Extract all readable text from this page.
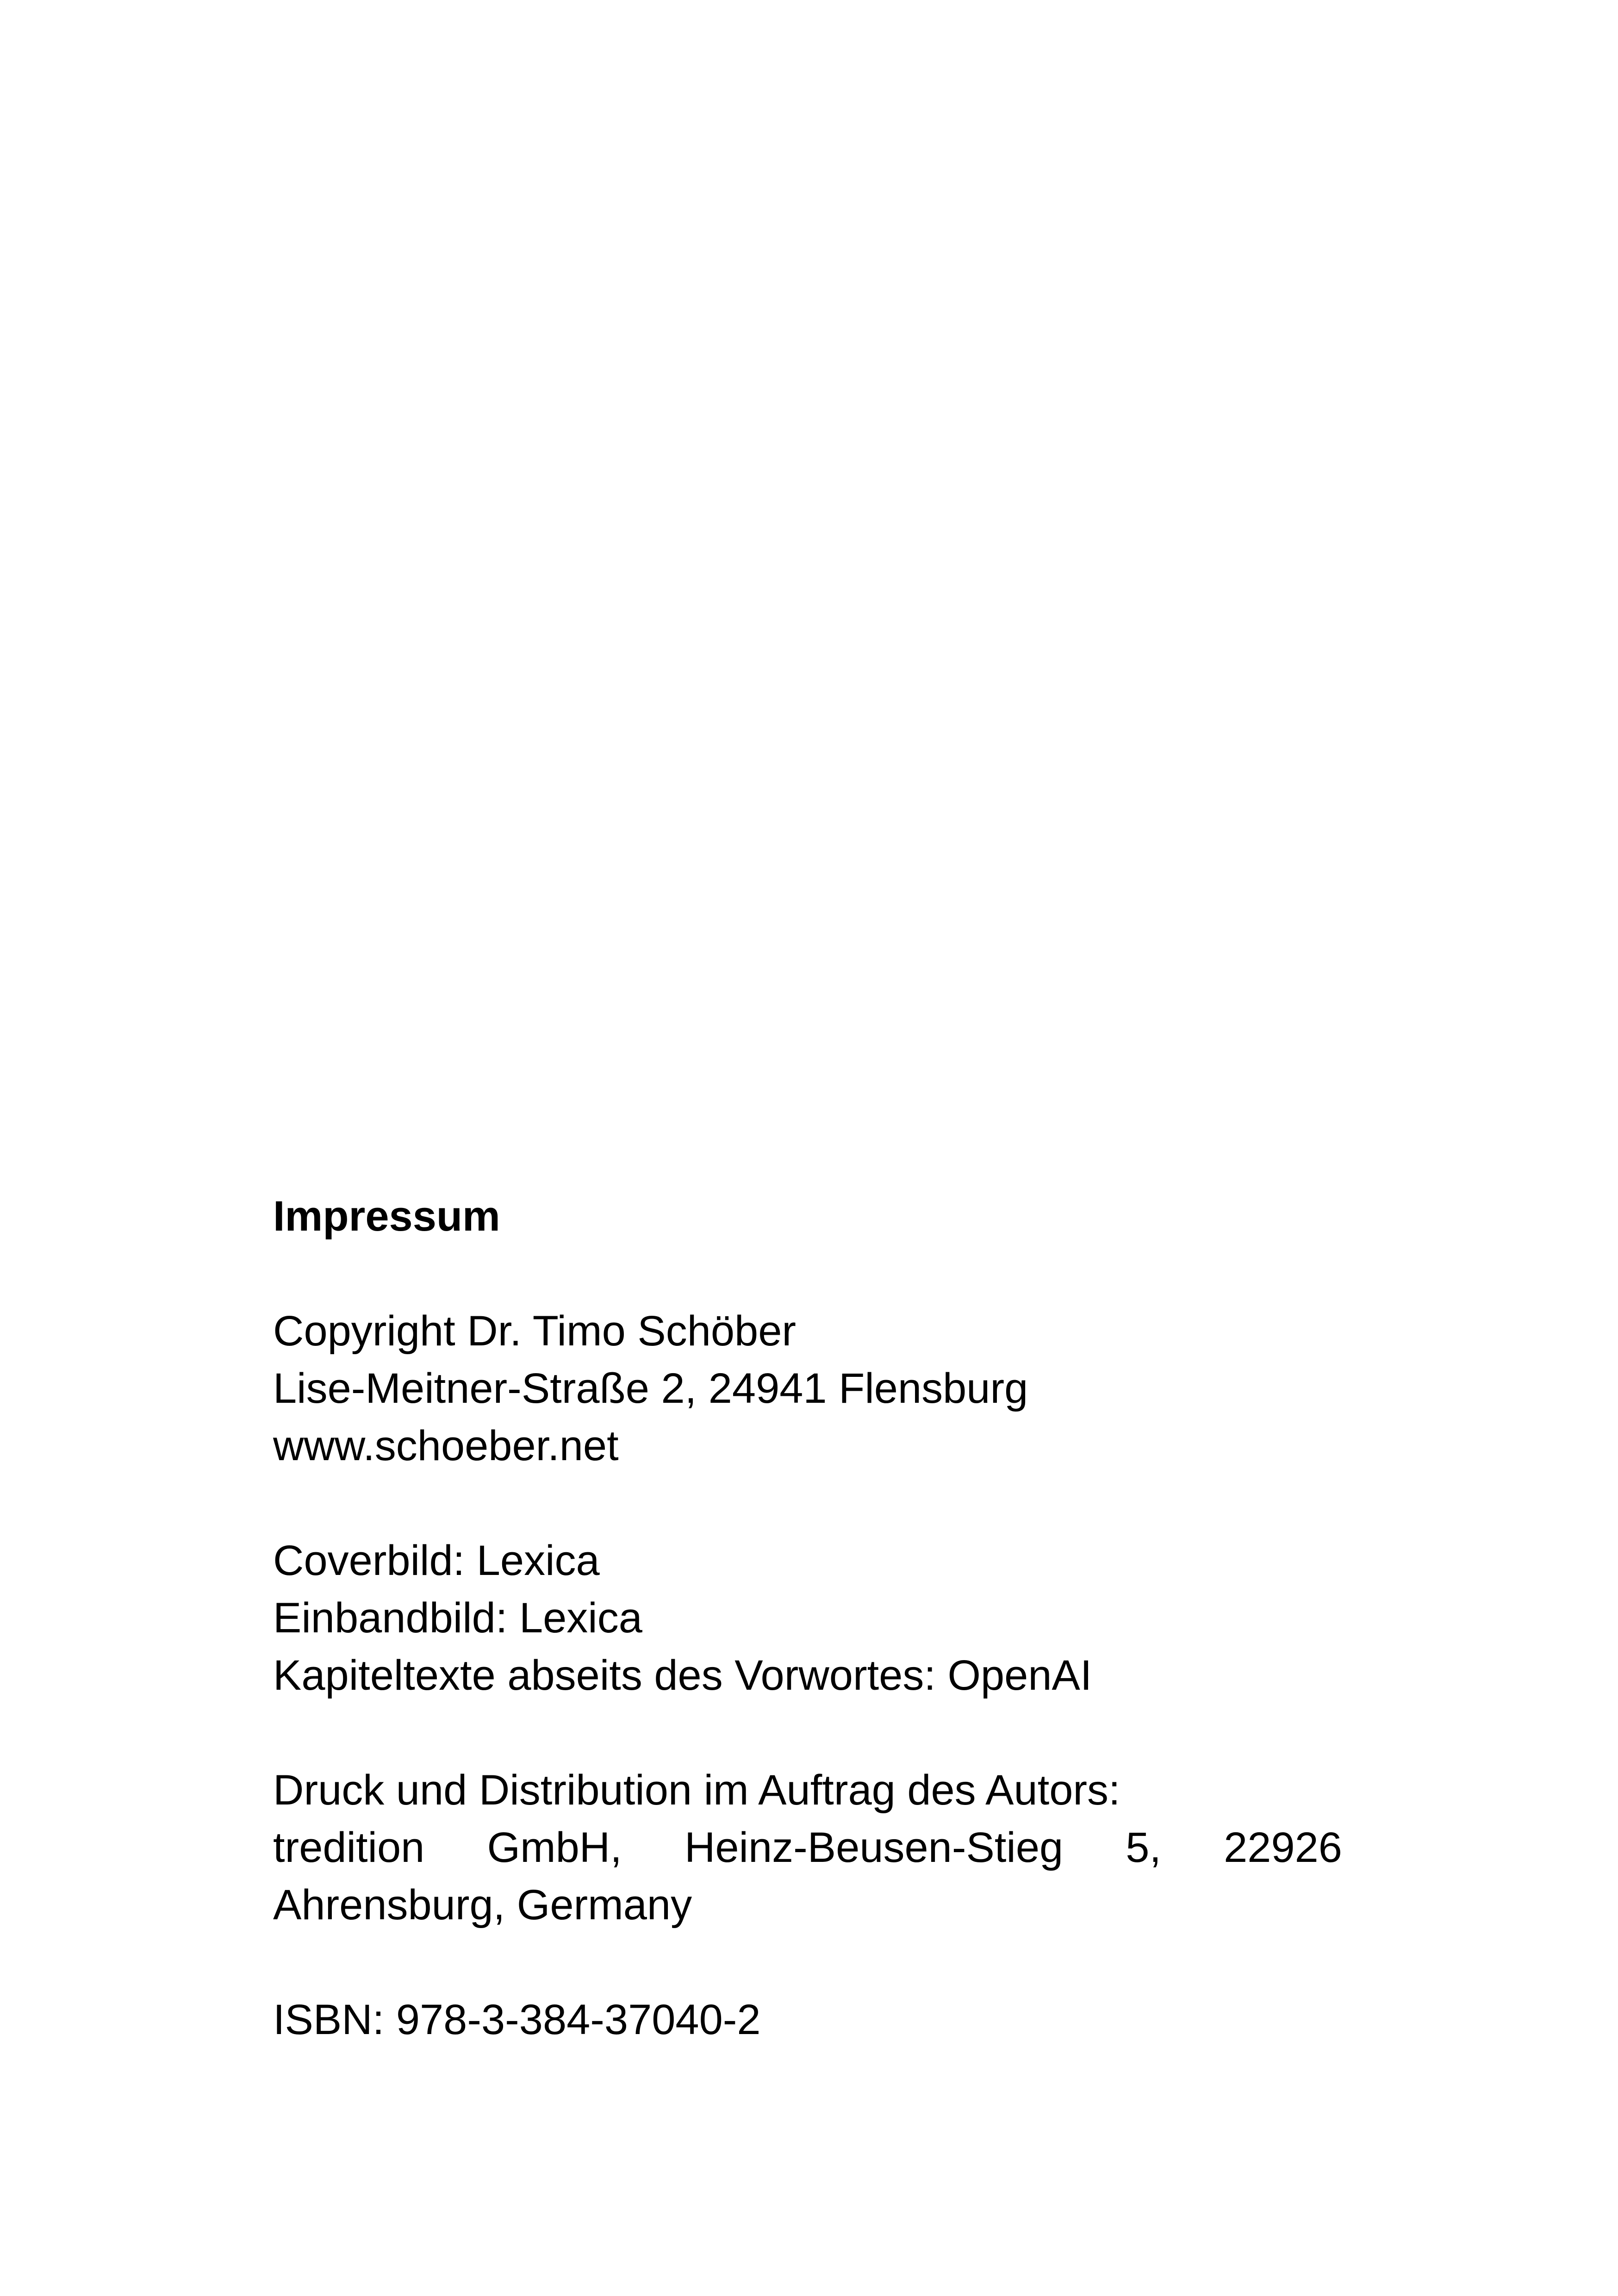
Impressum
Copyright Dr. Timo Schöber
Lise-Meitner-Straße 2, 24941 Flensburg
www.schoeber.net
Coverbild: Lexica
Einbandbild: Lexica
Kapiteltexte abseits des Vorwortes: OpenAI
Druck und Distribution im Auftrag des Autors:
tredition GmbH, Heinz-Beusen-Stieg 5, 22926
Ahrensburg, Germany
ISBN: 978-3-384-37040-2
